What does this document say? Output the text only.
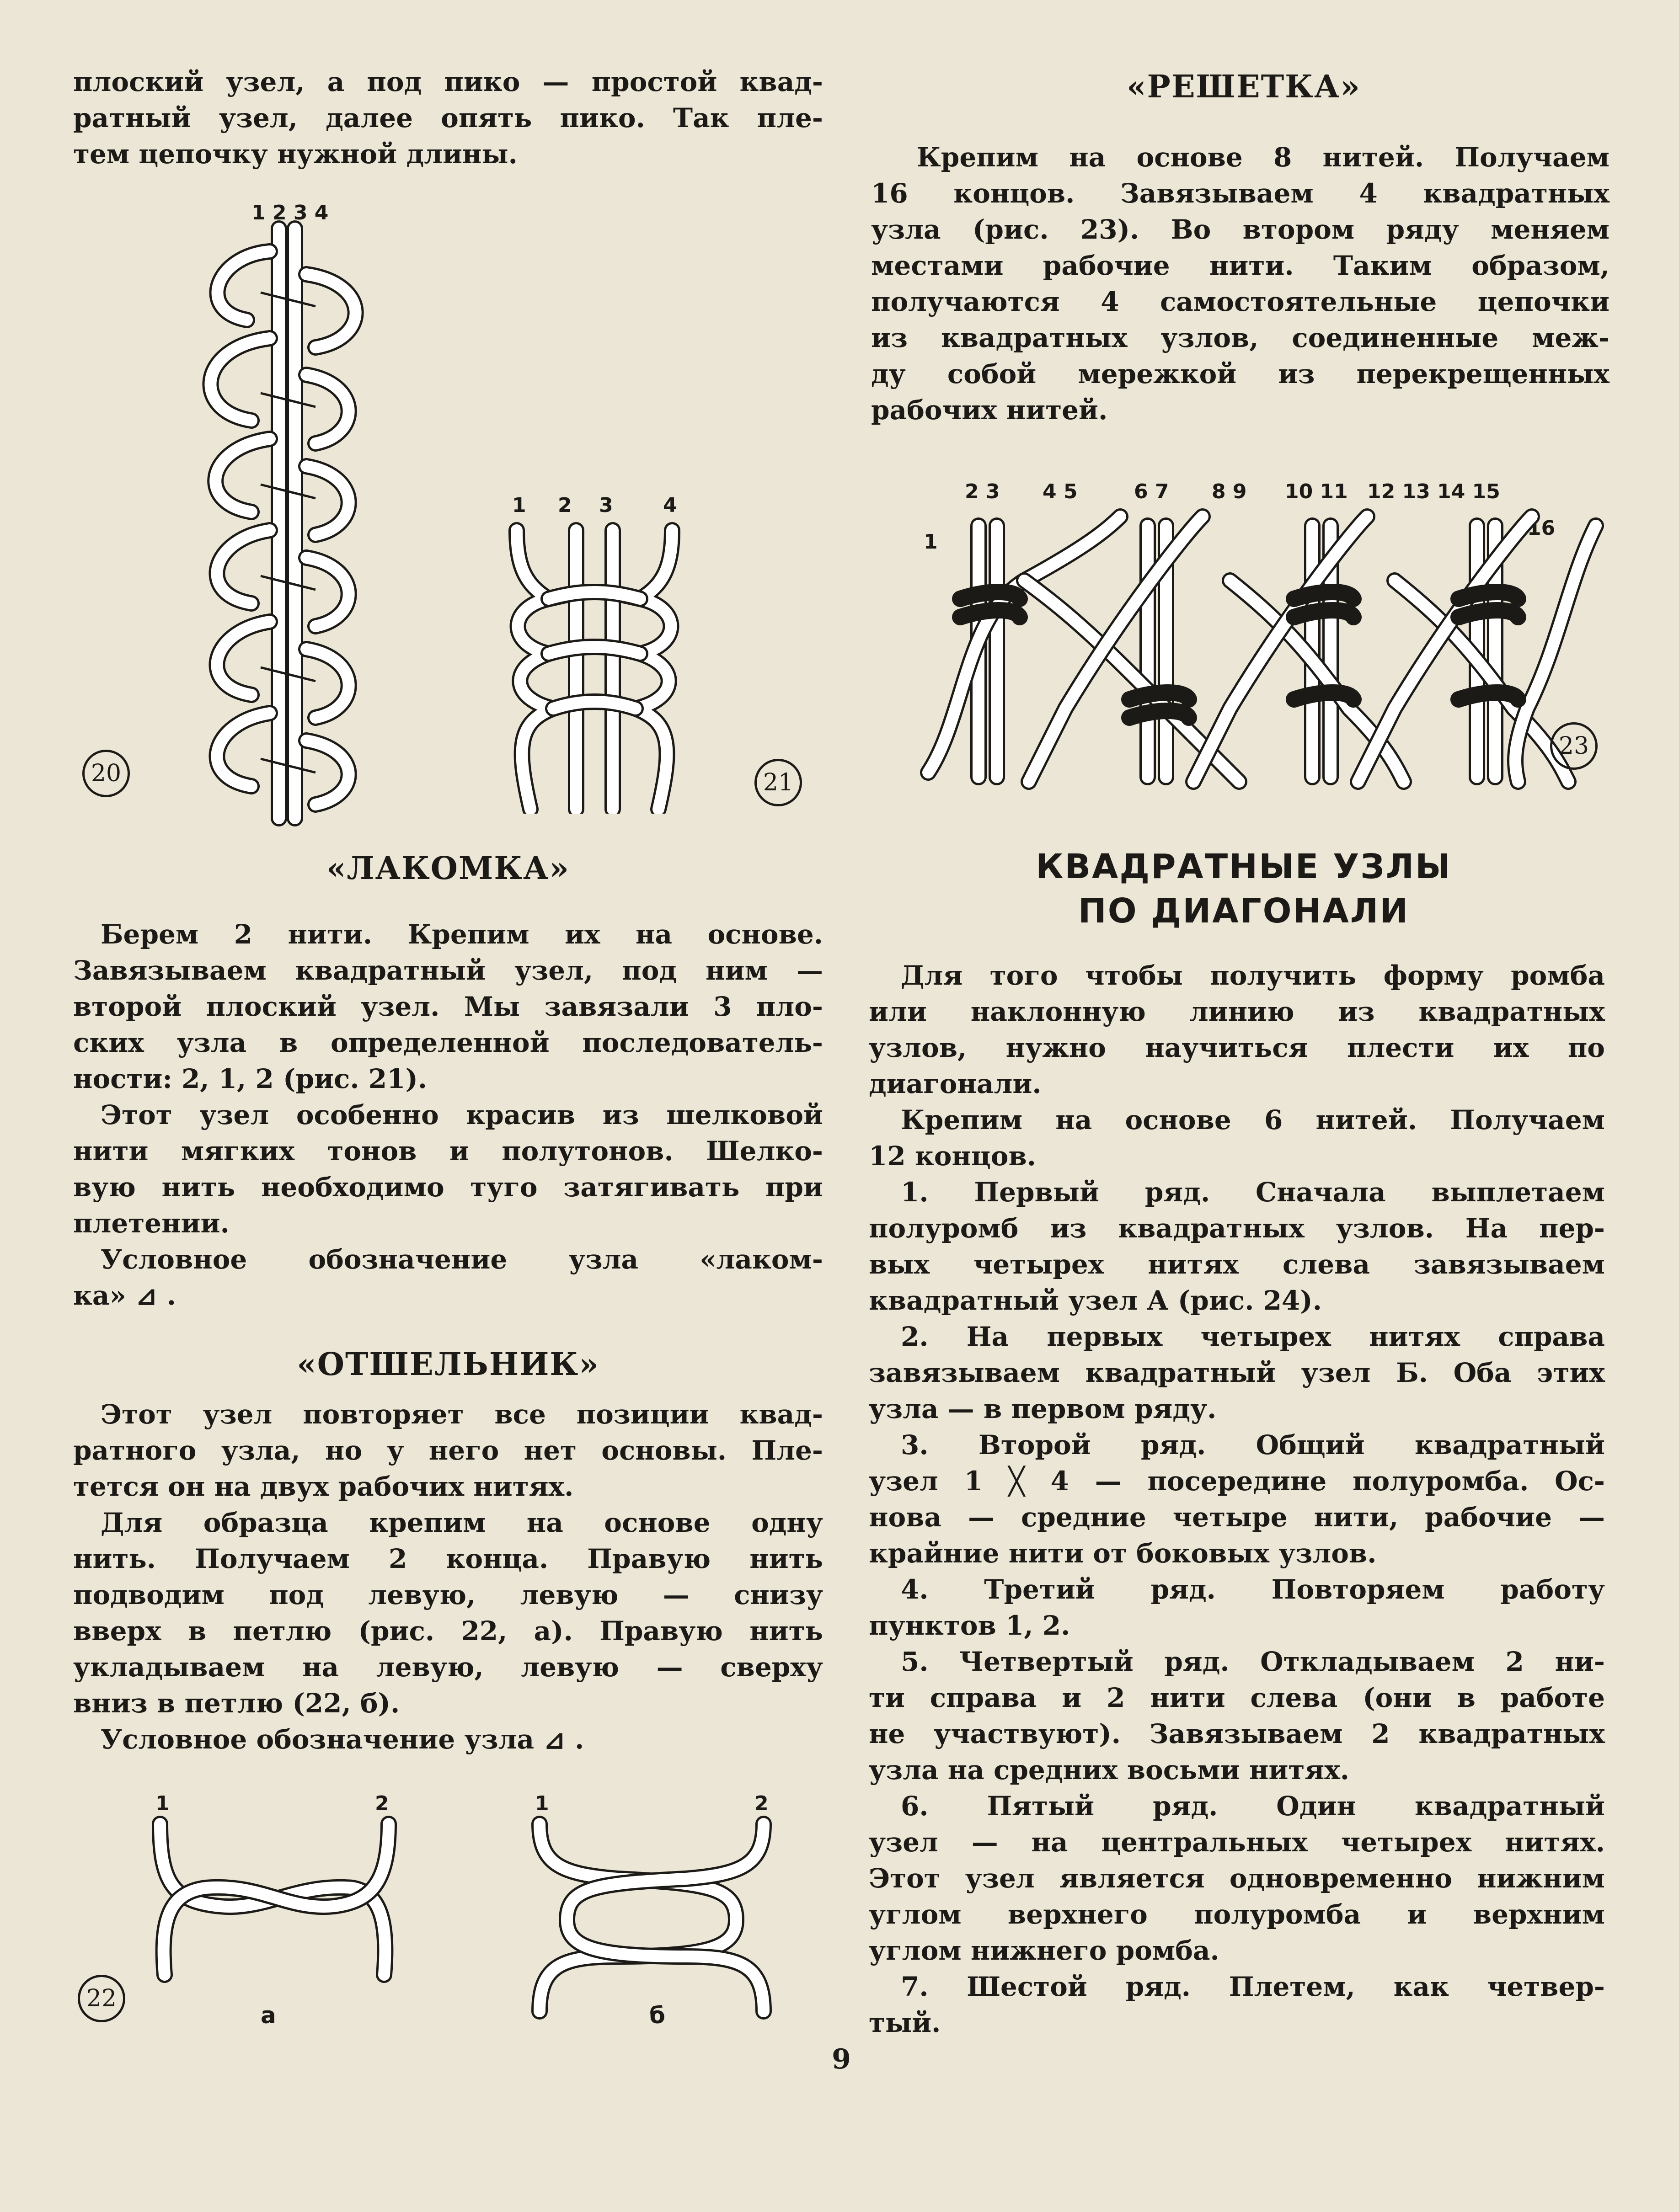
плоский узел, а под пико — простой квад-
ратный узел, далее опять пико. Так пле-
тем цепочку нужной длины.

1 2 3 4
20
1 2 3 4
21
«ЛАКОМКА»

Берем 2 нити. Крепим их на основе.
Завязываем квадратный узел, под ним —
второй плоский узел. Мы завязали 3 пло-
ских узла в определенной последователь-
ности: 2, 1, 2 (рис. 21).
Этот узел особенно красив из шелковой
нити мягких тонов и полутонов. Шелко-
вую нить необходимо туго затягивать при
плетении.
Условное обозначение узла «лаком-
ка» ⊿ .

«ОТШЕЛЬНИК»

Этот узел повторяет все позиции квад-
ратного узла, но у него нет основы. Пле-
тется он на двух рабочих нитях.
Для образца крепим на основе одну
нить. Получаем 2 конца. Правую нить
подводим под левую, левую — снизу
вверх в петлю (рис. 22, а). Правую нить
укладываем на левую, левую — сверху
вниз в петлю (22, б).
Условное обозначение узла ⊿ .

1	2	1	2
22
а	б
«РЕШЕТКА»

Крепим на основе 8 нитей. Получаем
16 концов. Завязываем 4 квадратных
узла (рис. 23). Во втором ряду меняем
местами рабочие нити. Таким образом,
получаются 4 самостоятельные цепочки
из квадратных узлов, соединенные меж-
ду собой мережкой из перекрещенных
рабочих нитей.

1
2 3 4 5	6 7 8 9 10 11 12 13 14 15
16
23
КВАДРАТНЫЕ УЗЛЫ
ПО ДИАГОНАЛИ

Для того чтобы получить форму ромба
или наклонную линию из квадратных
узлов, нужно научиться плести их по
диагонали.
Крепим на основе 6 нитей. Получаем
12 концов.
1. Первый ряд. Сначала выплетаем
полуромб из квадратных узлов. На пер-
вых четырех нитях слева завязываем
квадратный узел А (рис. 24).
2. На первых четырех нитях справа
завязываем квадратный узел Б. Оба этих
узла — в первом ряду.
3. Второй ряд. Общий квадратный
узел 1 ╳ 4 — посередине полуромба. Ос-
нова — средние четыре нити, рабочие —
крайние нити от боковых узлов.
4. Третий ряд. Повторяем работу
пунктов 1, 2.
5. Четвертый ряд. Откладываем 2 ни-
ти справа и 2 нити слева (они в работе
не участвуют). Завязываем 2 квадратных
узла на средних восьми нитях.
6. Пятый ряд. Один квадратный
узел — на центральных четырех нитях.
Этот узел является одновременно нижним
углом верхнего полуромба и верхним
углом нижнего ромба.
7. Шестой ряд. Плетем, как четвер-
тый.

9
